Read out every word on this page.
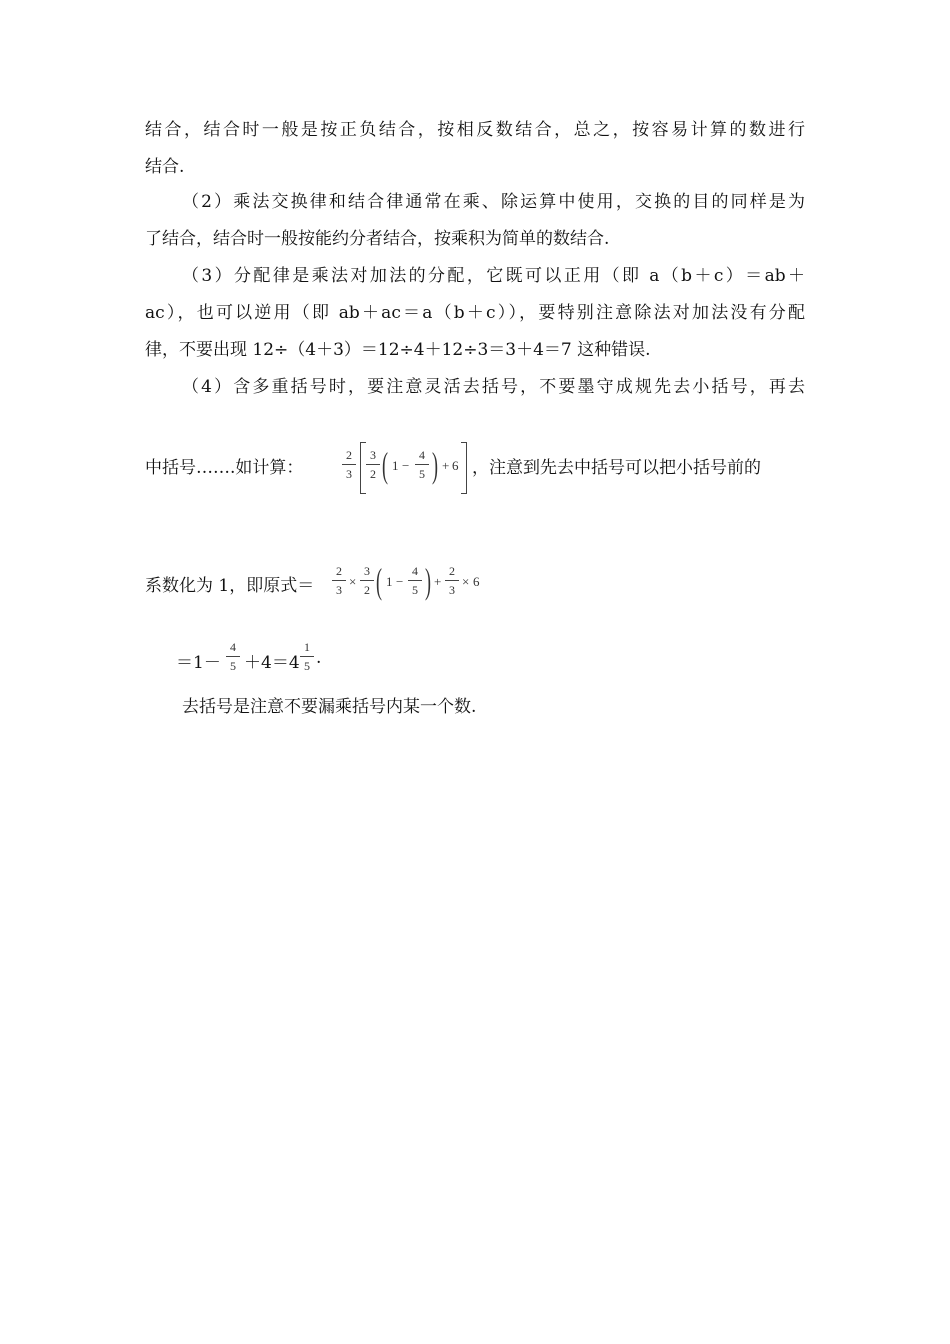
结合，结合时一般是按正负结合，按相反数结合，总之，按容易计算的数进行
结合.
（2）乘法交换律和结合律通常在乘、除运算中使用，交换的目的同样是为
了结合，结合时一般按能约分者结合，按乘积为简单的数结合.
（3）分配律是乘法对加法的分配，它既可以正用（即 a（b＋c）＝ab＋
ac），也可以逆用（即 ab＋ac＝a（b＋c）），要特别注意除法对加法没有分配
律，不要出现 12÷（4＋3）＝12÷4＋12÷3＝3＋4＝7 这种错误.
（4）含多重括号时，要注意灵活去括号，不要墨守成规先去小括号，再去
中括号…….如计算：
2
3
3
2 ( 1 −
4
5 ) + 6 ，注意到先去中括号可以把小括号前的
系数化为 1，即原式＝
2
3
×
3
2 ( 1 −
4
5 ) +
2
3
× 6
＝1－
4
5 ＋4＝4
1
5 .
去括号是注意不要漏乘括号内某一个数.
